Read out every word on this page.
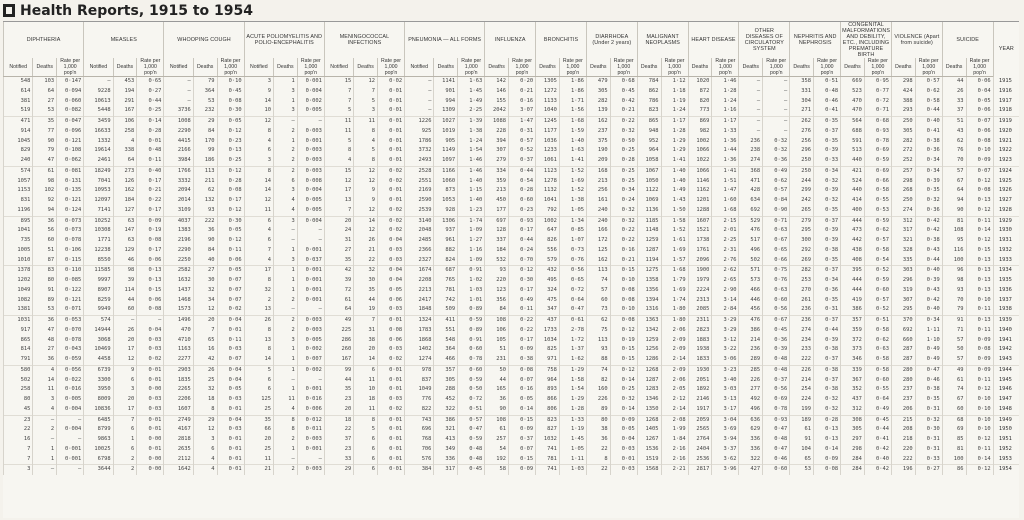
Health Reports, 1915 to 1954
DIPHTHERIA			MEASLES			WHOOPING COUGH			ACUTE POLIOMYELITIS AND POLIO-ENCEPHALITIS			MENINGOCOCCAL INFECTIONS			PNEUMONIA — ALL FORMS			INFLUENZA		BRONCHITIS		DIARRHOEA (Under 2 years)		MALIGNANT NEOPLASMS		HEART DISEASE		OTHER DISEASES OF CIRCULATORY SYSTEM		NEPHRITIS AND NEPHROSIS		CONGENITAL MALFORMATIONS AND DEBILITY, ETC., INCLUDING PREMATURE BIRTH		VIOLENCE (Apart from suicide)		SUICIDE		YEAR
Notified	Deaths	Rate per 1,000 pop'n	Notified	Deaths	Rate per 1,000 pop'n	Notified	Deaths	Rate per 1,000 pop'n	Notified	Deaths	Rate per 1,000 pop'n	Notified	Deaths	Rate per 1,000 pop'n	Notified	Deaths	Rate per 1,000 pop'n	Deaths	Rate per 1,000 pop'n	Deaths	Rate per 1,000 pop'n	Deaths	Rate per 1,000 pop'n	Deaths	Rate per 1,000 pop'n	Deaths	Rate per 1,000 pop'n	Deaths	Rate per 1,000 pop'n	Deaths	Rate per 1,000 pop'n	Deaths	Rate per 1,000 pop'n	Deaths	Rate per 1,000 pop'n	Deaths	Rate per 1,000 pop'n	
548	103	0·147	—	453	0·65	—	79	0·10	3	1	0·001	15	12	0·02	—	1141	1·63	142	0·20	1305	1·86	479	0·68	784	1·12	1020	1·46	—	—	358	0·51	669	0·95	298	0·57	44	0·06	1915
614	64	0·094	9228	194	0·27	—	364	0·45	9	3	0·004	7	7	0·01	—	901	1·45	146	0·21	1272	1·86	305	0·45	862	1·18	872	1·28	—	—	331	0·48	523	0·77	424	0·62	26	0·04	1916
381	27	0·060	10613	291	0·44	—	53	0·08	14	1	0·002	7	5	0·01	—	994	1·49	155	0·16	1133	1·71	282	0·42	786	1·19	820	1·24	—	—	304	0·46	470	0·72	388	0·58	33	0·05	1917
519	53	0·082	5448	167	0·25	3736	232	0·30	10	3	0·005	5	3	0·01	—	1309	2·25	2042	3·07	1040	1·56	139	0·21	823	1·24	773	1·16	—	—	271	0·41	470	0·71	293	0·44	37	0·06	1918
471	35	0·047	3459	106	0·14	1008	29	0·05	12	—	—	11	11	0·01	1226	1027	1·39	1088	1·47	1245	1·68	162	0·22	865	1·17	869	1·17	—	—	262	0·35	564	0·68	250	0·40	51	0·07	1919
914	77	0·096	16633	258	0·28	2290	84	0·12	8	2	0·003	11	8	0·01	925	1019	1·38	228	0·31	1177	1·59	237	0·32	948	1·28	982	1·33	—	—	276	0·37	688	0·93	305	0·41	43	0·06	1920
1045	90	0·121	1332	4	0·01	4415	170	0·23	4	1	0·001	5	4	0·01	1786	905	1·24	394	0·57	1036	1·40	375	0·50	952	1·29	1002	1·36	236	0·32	256	0·35	591	0·78	282	0·38	62	0·08	1921
829	79	0·108	19614	338	0·48	2166	99	0·13	6	2	0·003	8	5	0·01	3732	1149	1·54	307	0·52	1233	1·63	190	0·25	964	1·29	1066	1·44	238	0·32	296	0·39	513	0·69	272	0·36	76	0·10	1922
240	47	0·062	2461	64	0·11	3984	186	0·25	3	2	0·003	4	8	0·01	2493	1097	1·46	279	0·37	1061	1·41	209	0·28	1058	1·41	1022	1·36	274	0·36	250	0·33	440	0·59	252	0·34	70	0·09	1923
574	61	0·081	18249	273	0·40	1766	113	0·12	8	2	0·003	15	12	0·02	2528	1166	1·46	334	0·44	1123	1·52	168	0·25	1067	1·40	1066	1·41	368	0·49	250	0·34	421	0·69	257	0·34	57	0·07	1924
1057	98	0·131	7041	126	0·17	3332	211	0·28	14	6	0·008	12	12	0·02	2551	1060	1·40	359	0·54	1278	1·69	213	0·25	1050	1·40	1146	1·51	471	0·62	244	0·32	524	0·66	298	0·39	67	0·12	1925
1153	102	0·135	10953	162	0·21	2094	62	0·08	14	3	0·004	17	9	0·01	2169	873	1·15	213	0·28	1132	1·52	256	0·34	1122	1·49	1162	1·47	428	0·57	299	0·39	440	0·58	268	0·35	64	0·08	1926
831	92	0·121	12097	184	0·22	2014	132	0·17	12	4	0·005	13	9	0·01	2590	1053	1·40	450	0·60	1041	1·38	161	0·24	1069	1·43	1201	1·60	634	0·84	242	0·32	414	0·55	250	0·32	94	0·13	1927
1196	94	0·124	7141	127	0·17	3109	93	0·12	11	4	0·005	7	12	0·02	2539	928	1·23	177	0·23	792	1·05	240	0·32	1136	1·50	1288	1·68	692	0·90	265	0·35	400	0·53	274	0·36	90	0·12	1928
895	36	0·073	10252	63	0·09	4037	222	0·30	6	3	0·004	20	14	0·02	3140	1306	1·74	697	0·93	1002	1·34	240	0·32	1185	1·58	1607	2·15	529	0·71	279	0·37	444	0·59	312	0·42	81	0·11	1929
1041	56	0·073	10308	147	0·19	1383	36	0·05	4	—	—	24	12	0·02	2048	937	1·09	128	0·17	647	0·85	166	0·22	1148	1·52	1521	2·01	476	0·63	295	0·39	473	0·62	317	0·42	108	0·14	1930
735	60	0·078	1771	63	0·08	2196	90	0·12	6	—	—	31	26	0·04	2485	961	1·27	337	0·44	826	1·07	172	0·22	1259	1·61	1738	2·25	517	0·67	300	0·39	442	0·57	321	0·38	95	0·12	1931
1005	51	0·106	12238	129	0·17	2290	84	0·11	7	1	0·001	27	21	0·03	2366	882	1·16	184	0·24	556	0·73	125	0·16	1287	1·69	1761	2·31	496	0·65	292	0·38	438	0·58	328	0·43	116	0·15	1932
1010	87	0·115	8550	46	0·06	2250	40	0·06	4	3	0·037	35	22	0·03	2327	824	1·09	532	0·70	579	0·76	162	0·21	1194	1·57	2096	2·76	502	0·66	269	0·35	408	0·54	335	0·44	100	0·13	1933
1378	83	0·110	11585	98	0·13	2582	27	0·05	17	1	0·001	42	32	0·04	1674	687	0·91	93	0·12	432	0·56	113	0·15	1275	1·68	1900	2·62	571	0·75	282	0·37	395	0·52	303	0·40	96	0·13	1934
1202	80	0·085	9997	39	0·13	1632	30	0·07	8	1	0·001	39	30	0·04	2208	765	1·02	220	0·30	495	0·65	74	0·10	1358	1·79	1979	2·65	573	0·76	253	0·34	444	0·59	296	0·39	98	0·13	1935
1049	91	0·122	8907	114	0·15	1437	32	0·07	32	1	0·001	72	35	0·05	2213	781	1·03	123	0·17	324	0·72	57	0·08	1356	1·69	2224	2·90	466	0·63	270	0·36	444	0·60	319	0·43	93	0·13	1936
1082	89	0·121	8259	44	0·06	1468	34	0·07	2	2	0·001	61	44	0·06	2417	742	1·01	356	0·49	475	0·64	60	0·08	1394	1·74	2313	3·14	446	0·60	261	0·35	419	0·57	307	0·42	70	0·10	1937
1381	53	0·071	9949	60	0·08	1573	12	0·02	13	—	—	64	19	0·03	1848	509	0·89	84	0·11	347	0·47	73	0·10	1316	1·80	2085	2·84	456	0·56	236	0·31	386	0·52	295	0·40	79	0·11	1938
1031	36	0·053	574	—	—	1496	20	0·04	26	2	0·003	49	7	0·01	1324	411	0·59	108	0·22	437	0·61	62	0·08	1363	1·80	2311	3·29	476	0·67	236	0·37	357	0·51	370	0·34	91	0·13	1939
917	47	0·070	14944	26	0·04	470	7	0·01	8	2	0·003	225	31	0·08	1783	551	0·89	106	0·22	1733	2·78	75	0·12	1342	2·06	2823	3·29	386	0·45	274	0·44	359	0·58	692	1·11	71	0·11	1940
865	48	0·078	3068	20	0·03	4710	65	0·11	13	3	0·005	286	38	0·06	1868	548	0·91	105	0·17	1034	1·72	113	0·19	1259	2·09	1883	3·12	214	0·36	234	0·39	372	0·62	660	1·10	57	0·09	1941
814	27	0·043	10469	17	0·03	1163	16	0·03	8	1	0·002	260	20	0·03	1402	364	0·60	51	0·09	825	1·37	93	0·15	1256	2·09	1938	3·22	236	0·39	233	0·38	373	0·63	287	0·49	50	0·08	1942
791	36	0·059	4458	12	0·02	2277	42	0·07	14	1	0·007	167	14	0·02	1274	466	0·78	231	0·38	971	1·62	88	0·15	1286	2·14	1833	3·06	289	0·48	222	0·37	346	0·58	287	0·49	57	0·09	1943
580	4	0·056	6739	9	0·01	2903	26	0·04	5	1	0·002	99	6	0·01	978	357	0·60	50	0·08	758	1·29	74	0·12	1268	2·09	1930	3·23	285	0·48	226	0·38	339	0·58	280	0·47	49	0·09	1944
502	14	0·022	3300	6	0·01	1835	25	0·04	6	—	—	44	11	0·01	837	305	0·59	44	0·07	964	1·58	82	0·14	1287	2·06	2051	3·40	226	0·37	214	0·37	367	0·60	280	0·46	61	0·11	1945
258	11	0·016	3950	3	0·00	2265	32	0·05	6	1	0·001	35	10	0·01	1049	288	0·50	165	0·16	893	1·54	160	0·25	1283	2·05	1892	3·03	277	0·56	254	0·38	352	0·55	237	0·38	74	0·12	1946
80	3	0·005	8009	20	0·03	2206	18	0·03	125	11	0·016	23	18	0·03	776	452	0·72	36	0·05	866	1·29	226	0·32	1346	2·12	2146	3·13	492	0·69	224	0·32	437	0·64	237	0·35	67	0·10	1947
45	4	0·004	10836	17	0·03	1607	8	0·01	25	4	0·006	20	11	0·02	822	322	0·51	90	0·14	806	1·28	89	0·14	1350	2·14	1917	3·17	496	0·78	199	0·32	312	0·49	206	0·31	60	0·10	1948
23	—	—	6485	7	0·01	2749	29	0·04	35	8	0·012	18	8	0·01	743	386	0·57	108	0·15	823	1·33	80	0·09	1268	2·08	2059	3·04	636	0·93	189	0·28	308	0·45	215	0·32	68	0·10	1949
22	2	0·004	8799	6	0·01	4167	12	0·03	66	8	0·011	22	5	0·01	696	321	0·47	61	0·09	827	1·19	38	0·05	1405	1·99	2565	3·69	629	0·47	61	0·13	305	0·44	208	0·30	69	0·10	1950
16	—	—	9863	1	0·00	2818	3	0·01	20	2	0·003	37	6	0·01	768	413	0·59	257	0·37	1032	1·45	36	0·04	1267	1·84	2764	3·94	336	0·48	91	0·13	297	0·41	218	0·31	85	0·12	1951
7	1	0·001	10025	6	0·01	2635	6	0·01	25	1	0·001	23	6	0·01	706	349	0·48	54	0·07	741	1·05	22	0·03	1536	2·16	2404	3·37	336	0·47	104	0·14	298	0·42	220	0·31	81	0·11	1952
7	1	0·001	6798	2	0·00	2112	4	0·01	11	—	—	33	6	0·01	576	336	0·48	192	0·15	781	1·11	8	0·01	1519	2·16	2536	3·62	322	0·46	65	0·09	284	0·40	222	0·33	100	0·14	1953
3	—	—	3644	2	0·00	1642	4	0·01	21	2	0·003	29	6	0·01	384	317	0·45	58	0·09	741	1·03	22	0·03	1568	2·21	2817	3·96	427	0·60	53	0·08	284	0·42	196	0·27	86	0·12	1954
